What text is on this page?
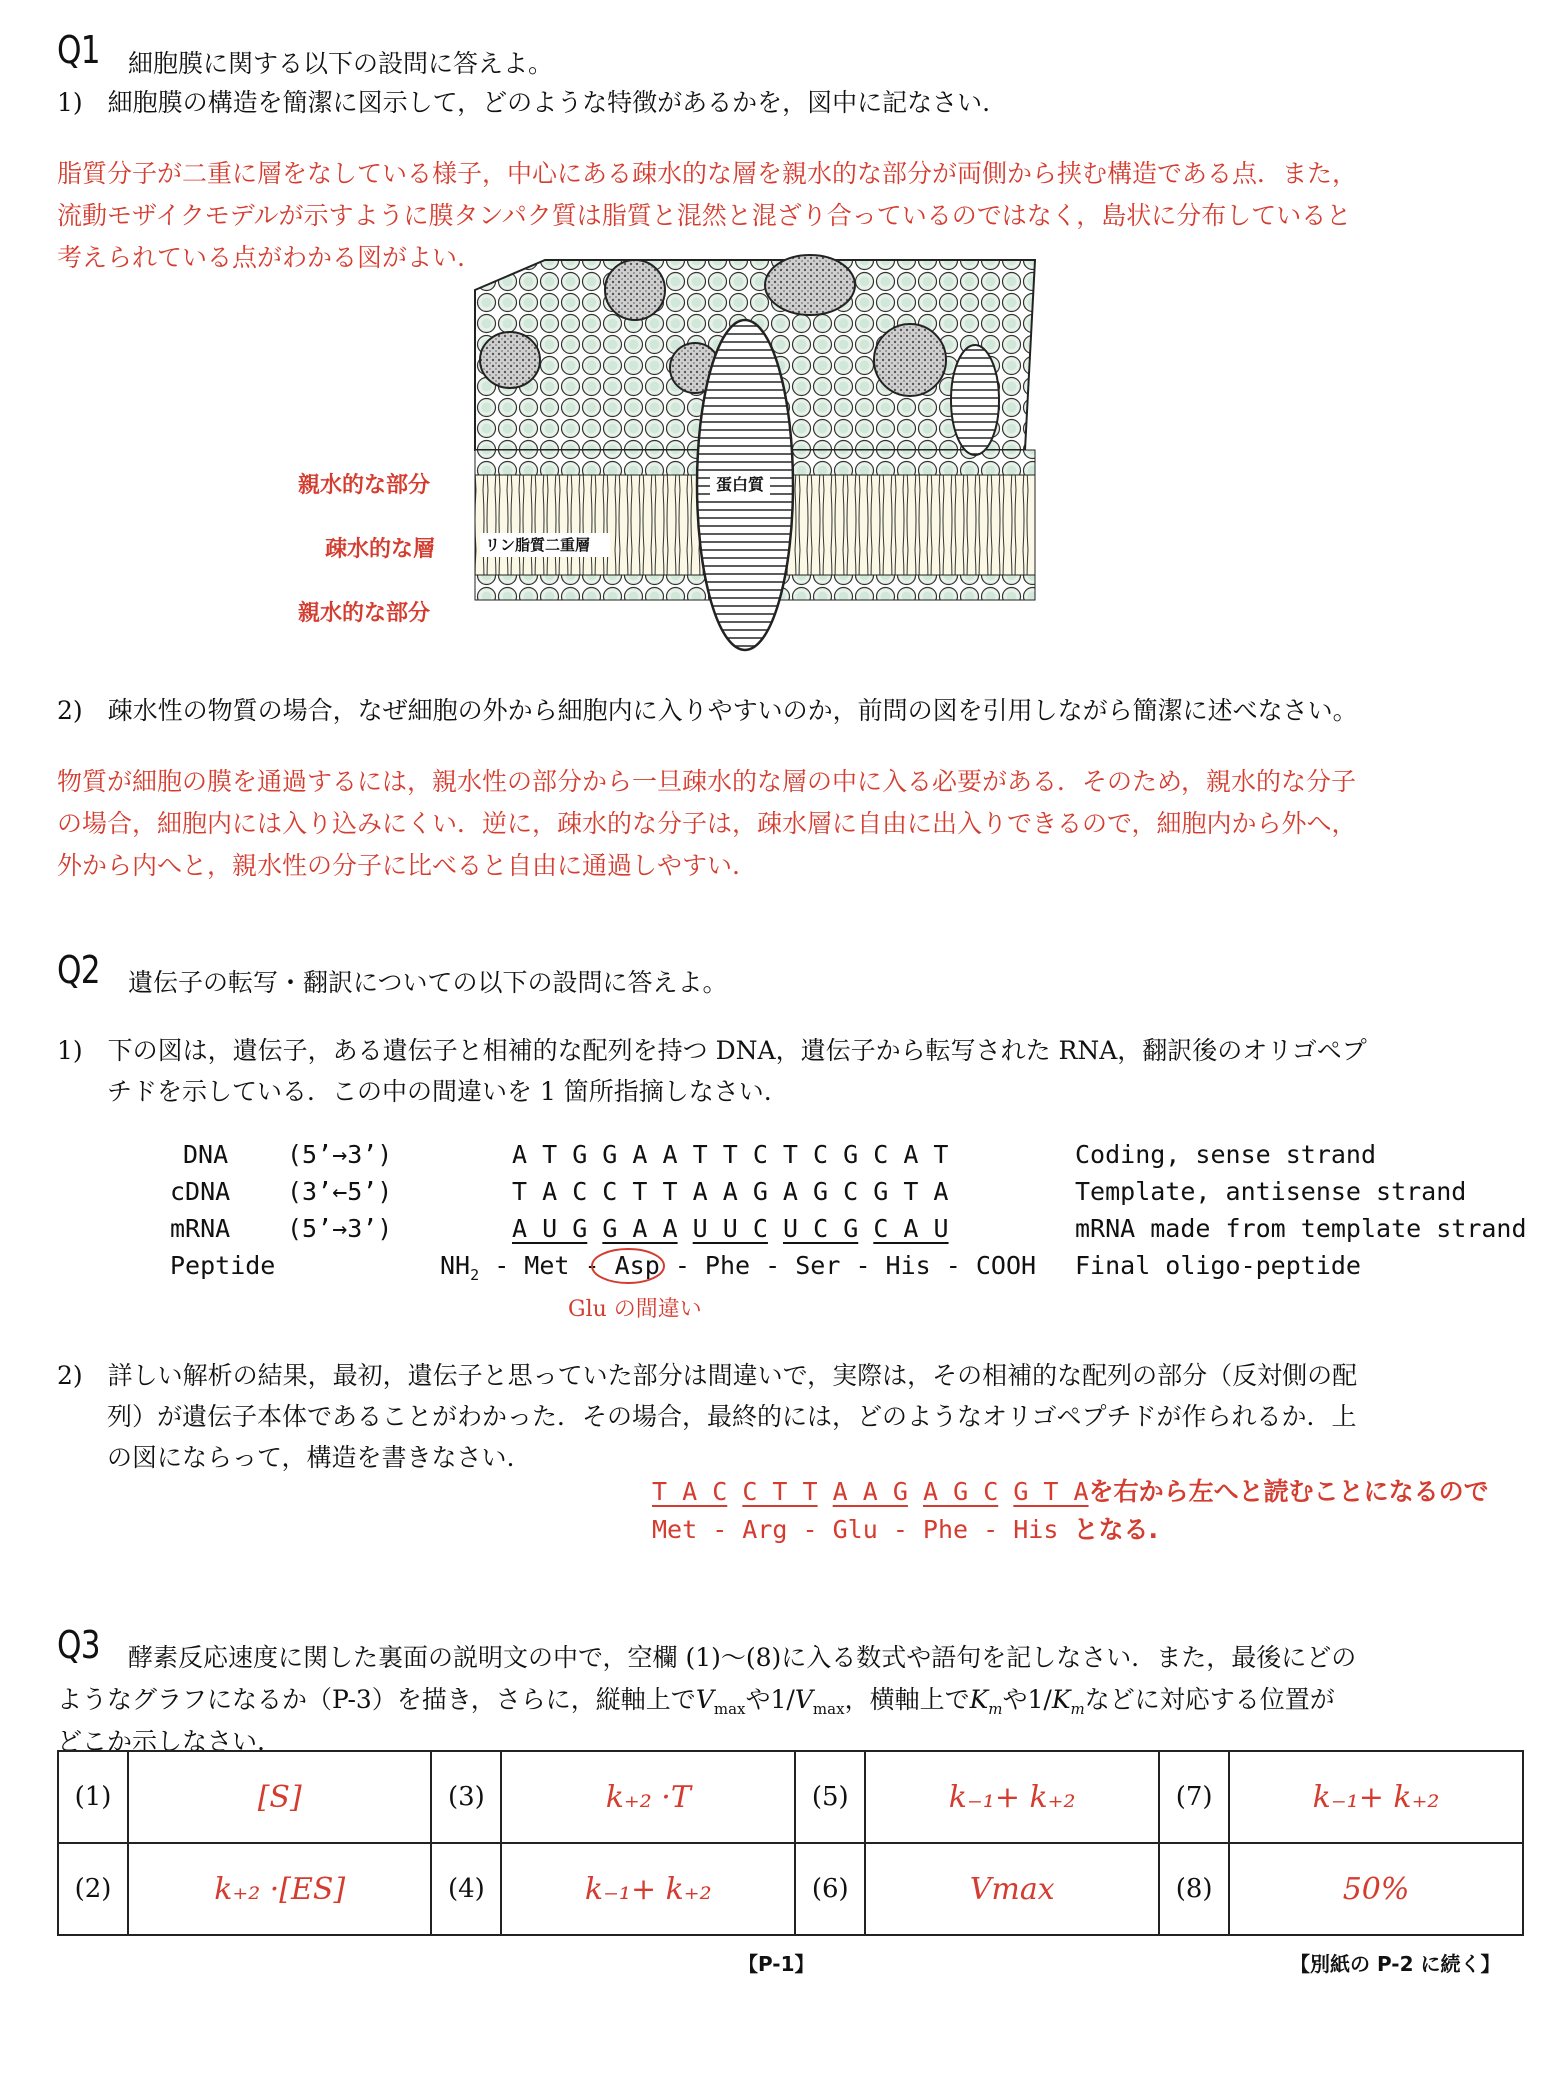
Q1 細胞膜に関する以下の設問に答えよ。
1)　細胞膜の構造を簡潔に図示して，どのような特徴があるかを，図中に記なさい.
脂質分子が二重に層をなしている様子，中心にある疎水的な層を親水的な部分が両側から挟む構造である点．また，
流動モザイクモデルが示すように膜タンパク質は脂質と混然と混ざり合っているのではなく，島状に分布していると
考えられている点がわかる図がよい.
蛋白質
リン脂質二重層
親水的な部分
疎水的な層
親水的な部分
2)　疎水性の物質の場合，なぜ細胞の外から細胞内に入りやすいのか，前問の図を引用しながら簡潔に述べなさい。
物質が細胞の膜を通過するには，親水性の部分から一旦疎水的な層の中に入る必要がある．そのため，親水的な分子
の場合，細胞内には入り込みにくい．逆に，疎水的な分子は，疎水層に自由に出入りできるので，細胞内から外へ，
外から内へと，親水性の分子に比べると自由に通過しやすい.
Q2 遺伝子の転写・翻訳についての以下の設問に答えよ。
1)　下の図は，遺伝子，ある遺伝子と相補的な配列を持つ DNA，遺伝子から転写された RNA，翻訳後のオリゴペプ
チドを示している．この中の間違いを 1 箇所指摘しなさい.
DNA (5’→3’)	A T G G A A T T C T C G C A T	Coding, sense strand
cDNA (3’←5’)	T A C C T T A A G A G C G T A	Template, antisense strand
mRNA (5’→3’)	A U G G A A U U C U C G C A U	mRNA made from template strand
Peptide	$NH_2$ - Met - Asp - Phe - Ser - His - COOH Final oligo-peptide
Glu の間違い
2)　詳しい解析の結果，最初，遺伝子と思っていた部分は間違いで，実際は，その相補的な配列の部分（反対側の配
列）が遺伝子本体であることがわかった．その場合，最終的には，どのようなオリゴペプチドが作られるか．上
の図にならって，構造を書きなさい.
T A C C T T A A G A G C G T Aを右から左へと読むことになるので
Met - Arg - Glu - Phe - His となる.
Q3 酵素反応速度に関した裏面の説明文の中で，空欄 (1)～(8)に入る数式や語句を記しなさい．また，最後にどの
ようなグラフになるか（P-3）を描き，さらに，縦軸上で$V_{max}$や$1/V_{max}$，横軸上で$K_m$や$1/K_m$などに対応する位置が
どこか示しなさい.
(1)	[S]	(3)	k₊₂ ·T	(5)	k₋₁+ k₊₂	(7)	k₋₁+ k₊₂
(2)	k₊₂ ·[ES]	(4)	k₋₁+ k₊₂	(6)	Vmax	(8)	50%
【P-1】	【別紙の P-2 に続く】
